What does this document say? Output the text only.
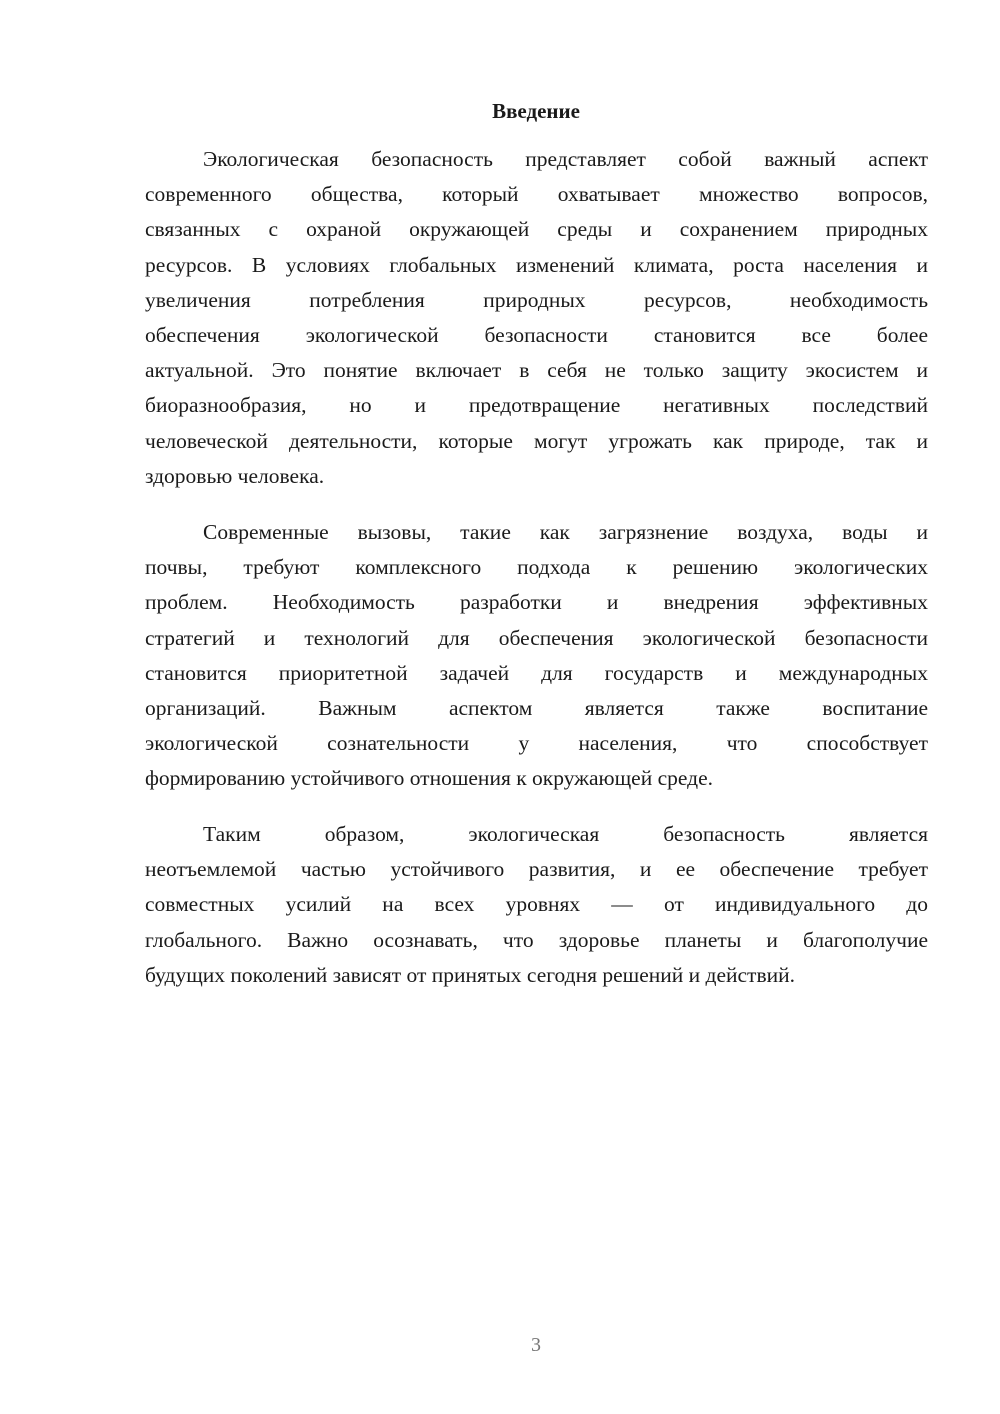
Введение
Экологическая безопасность представляет собой важный аспект
современного общества, который охватывает множество вопросов,
связанных с охраной окружающей среды и сохранением природных
ресурсов. В условиях глобальных изменений климата, роста населения и
увеличения потребления природных ресурсов, необходимость
обеспечения экологической безопасности становится все более
актуальной. Это понятие включает в себя не только защиту экосистем и
биоразнообразия, но и предотвращение негативных последствий
человеческой деятельности, которые могут угрожать как природе, так и
здоровью человека.
Современные вызовы, такие как загрязнение воздуха, воды и
почвы, требуют комплексного подхода к решению экологических
проблем. Необходимость разработки и внедрения эффективных
стратегий и технологий для обеспечения экологической безопасности
становится приоритетной задачей для государств и международных
организаций. Важным аспектом является также воспитание
экологической сознательности у населения, что способствует
формированию устойчивого отношения к окружающей среде.
Таким образом, экологическая безопасность является
неотъемлемой частью устойчивого развития, и ее обеспечение требует
совместных усилий на всех уровнях — от индивидуального до
глобального. Важно осознавать, что здоровье планеты и благополучие
будущих поколений зависят от принятых сегодня решений и действий.
3
